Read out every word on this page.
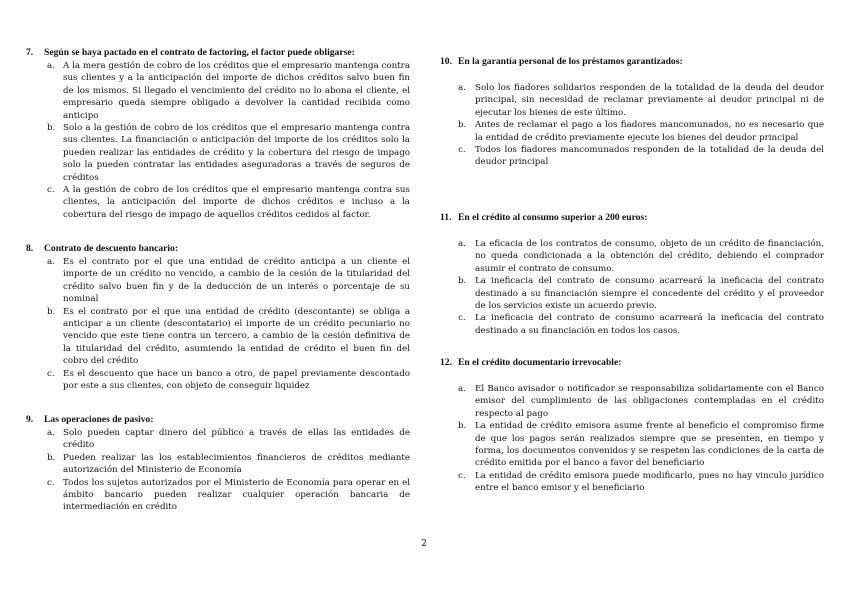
7. Según se haya pactado en el contrato de factoring, el factor puede obligarse:
a. A la mera gestión de cobro de los créditos que el empresario mantenga contra sus clientes y a la anticipación del importe de dichos créditos salvo buen fin de los mismos. Si llegado el vencimiento del crédito no lo abona el cliente, el empresario queda siempre obligado a devolver la cantidad recibida como anticipo
b. Solo a la gestión de cobro de los créditos que el empresario mantenga contra sus clientes. La financiación o anticipación del importe de los créditos solo la pueden realizar las entidades de crédito y la cobertura del riesgo de impago solo la pueden contratar las entidades aseguradoras a través de seguros de créditos
c. A la gestión de cobro de los créditos que el empresario mantenga contra sus clientes, la anticipación del importe de dichos créditos e incluso a la cobertura del riesgo de impago de aquellos créditos cedidos al factor.
8. Contrato de descuento bancario:
a. Es el contrato por el que una entidad de crédito anticipa a un cliente el importe de un crédito no vencido, a cambio de la cesión de la titularidad del crédito salvo buen fin y de la deducción de un interés o porcentaje de su nominal
b. Es el contrato por el que una entidad de crédito (descontante) se obliga a anticipar a un cliente (descontatario) el importe de un crédito pecuniario no vencido que este tiene contra un tercero, a cambio de la cesión definitiva de la titularidad del crédito, asumiendo la entidad de crédito el buen fin del cobro del crédito
c. Es el descuento que hace un banco a otro, de papel previamente descontado por este a sus clientes, con objeto de conseguir liquidez
9. Las operaciones de pasivo:
a. Solo pueden captar dinero del público a través de ellas las entidades de crédito
b. Pueden realizar las los establecimientos financieros de créditos mediante autorización del Ministerio de Economía
c. Todos los sujetos autorizados por el Ministerio de Economía para operar en el ámbito bancario pueden realizar cualquier operación bancaria de intermediación en crédito
10. En la garantía personal de los préstamos garantizados:
a. Solo los fiadores solidarios responden de la totalidad de la deuda del deudor principal, sin necesidad de reclamar previamente al deudor principal ni de ejecutar los bienes de este último.
b. Antes de reclamar el pago a los fiadores mancomunados, no es necesario que la entidad de crédito previamente ejecute los bienes del deudor principal
c. Todos los fiadores mancomunados responden de la totalidad de la deuda del deudor principal
11. En el crédito al consumo superior a 200 euros:
a. La eficacia de los contratos de consumo, objeto de un crédito de financiación, no queda condicionada a la obtención del crédito, debiendo el comprador asumir el contrato de consumo.
b. La ineficacia del contrato de consumo acarreará la ineficacia del contrato destinado a su financiación siempre el concedente del crédito y el proveedor de los servicios existe un acuerdo previo.
c. La ineficacia del contrato de consumo acarreará la ineficacia del contrato destinado a su financiación en todos los casos.
12. En el crédito documentario irrevocable:
a. El Banco avisador o notificador se responsabiliza solidariamente con el Banco emisor del cumplimiento de las obligaciones contempladas en el crédito respecto al pago
b. La entidad de crédito emisora asume frente al beneficio el compromiso firme de que los pagos serán realizados siempre que se presenten, en tiempo y forma, los documentos convenidos y se respeten las condiciones de la carta de crédito emitida por el banco a favor del beneficiario
c. La entidad de crédito emisora puede modificarlo, pues no hay vinculo jurídico entre el banco emisor y el beneficiario
2
